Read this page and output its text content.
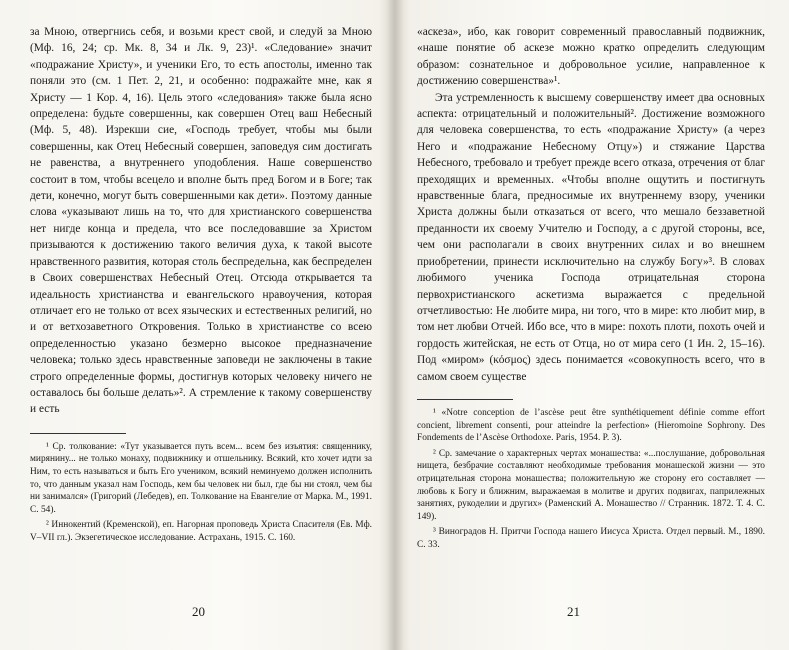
за Мною, отвергнись себя, и возьми крест свой, и следуй за Мною (Мф. 16, 24; ср. Мк. 8, 34 и Лк. 9, 23)¹. «Следование» значит «подражание Христу», и ученики Его, то есть апостолы, именно так поняли это (см. 1 Пет. 2, 21, и особенно: подражайте мне, как я Христу — 1 Кор. 4, 16). Цель этого «следования» также была ясно определена: будьте совершенны, как совершен Отец ваш Небесный (Мф. 5, 48). Изрекши сие, «Господь требует, чтобы мы были совершенны, как Отец Небесный совершен, заповедуя сим достигать не равенства, а внутреннего уподобления. Наше совершенство состоит в том, чтобы всецело и вполне быть пред Богом и в Боге; так дети, конечно, могут быть совершенными как дети». Поэтому данные слова «указывают лишь на то, что для христианского совершенства нет нигде конца и предела, что все последовавшие за Христом призываются к достижению такого величия духа, к такой высоте нравственного развития, которая столь беспредельна, как беспределен в Своих совершенствах Небесный Отец. Отсюда открывается та идеальность христианства и евангельского нравоучения, которая отличает его не только от всех языческих и естественных религий, но и от ветхозаветного Откровения. Только в христианстве со всею определенностью указано безмерно высокое предназначение человека; только здесь нравственные заповеди не заключены в такие строго определенные формы, достигнув которых человеку ничего не оставалось бы больше делать»². А стремление к такому совершенству и есть

¹ Ср. толкование: «Тут указывается путь всем... всем без изъятия: священнику, мирянину... не только монаху, подвижнику и отшельнику. Всякий, кто хочет идти за Ним, то есть называться и быть Его учеником, всякий неминуемо должен исполнить то, что данным указал нам Господь, кем бы человек ни был, где бы ни стоял, чем бы ни занимался» (Григорий (Лебедев), еп. Толкование на Евангелие от Марка. М., 1991. С. 54).

² Иннокентий (Кременской), еп. Нагорная проповедь Христа Спасителя (Ев. Мф. V–VII гл.). Экзегетическое исследование. Астрахань, 1915. С. 160.

20

«аскеза», ибо, как говорит современный православный подвижник, «наше понятие об аскезе можно кратко определить следующим образом: сознательное и добровольное усилие, направленное к достижению совершенства»¹.

Эта устремленность к высшему совершенству имеет два основных аспекта: отрицательный и положительный². Достижение возможного для человека совершенства, то есть «подражание Христу» (а через Него и «подражание Небесному Отцу») и стяжание Царства Небесного, требовало и требует прежде всего отказа, отречения от благ преходящих и временных. «Чтобы вполне ощутить и постигнуть нравственные блага, предносимые их внутреннему взору, ученики Христа должны были отказаться от всего, что мешало беззаветной преданности их своему Учителю и Господу, а с другой стороны, все, чем они располагали в своих внутренних силах и во внешнем приобретении, принести исключительно на службу Богу»³. В словах любимого ученика Господа отрицательная сторона первохристианского аскетизма выражается с предельной отчетливостью: Не любите мира, ни того, что в мире: кто любит мир, в том нет любви Отчей. Ибо все, что в мире: похоть плоти, похоть очей и гордость житейская, не есть от Отца, но от мира сего (1 Ин. 2, 15–16). Под «миром» (κόσμος) здесь понимается «совокупность всего, что в самом своем существе

¹ «Notre conception de l’ascèse peut être synthétiquement définie comme effort concient, librement consenti, pour atteindre la perfection» (Hieromoine Sophrony. Des Fondements de l’Ascèse Orthodoxe. Paris, 1954. P. 3).

² Ср. замечание о характерных чертах монашества: «...послушание, добровольная нищета, безбрачие составляют необходимые требования монашеской жизни — это отрицательная сторона монашества; положительную же сторону его составляет — любовь к Богу и ближним, выражаемая в молитве и других подвигах, паприлежных занятиях, рукоделии и других» (Раменский А. Монашество // Странник. 1872. Т. 4. С. 149).

³ Виноградов Н. Притчи Господа нашего Иисуса Христа. Отдел первый. М., 1890. С. 33.

21
